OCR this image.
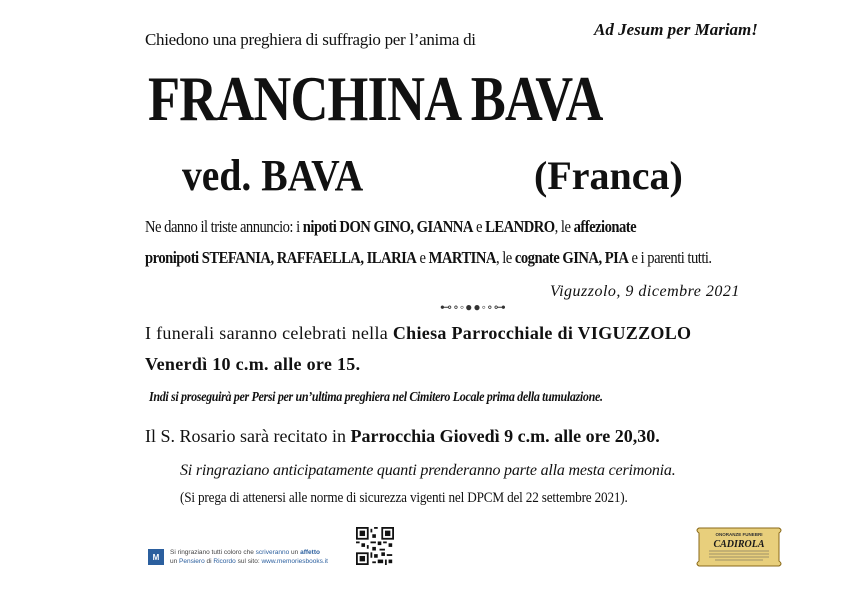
Chiedono una preghiera di suffragio per l’anima di
Ad Jesum per Mariam!
FRANCHINA BAVA
ved. BAVA	(Franca)
Ne danno il triste annuncio: i nipoti DON GINO, GIANNA e LEANDRO, le affezionate
pronipoti STEFANIA, RAFFAELLA, ILARIA e MARTINA, le cognate GINA, PIA e i parenti tutti.
Viguzzolo, 9 dicembre 2021
⊷∘◦●●◦∘⊶
I funerali saranno celebrati nella Chiesa Parrocchiale di VIGUZZOLO
Venerdì 10 c.m. alle ore 15.
Indi si proseguirà per Persi per un’ultima preghiera nel Cimitero Locale prima della tumulazione.
Il S. Rosario sarà recitato in Parrocchia Giovedì 9 c.m. alle ore 20,30.
Si ringraziano anticipatamente quanti prenderanno parte alla mesta cerimonia.
(Si prega di attenersi alle norme di sicurezza vigenti nel DPCM del 22 settembre 2021).
M	Si ringraziano tutti coloro che scriveranno un affetto
un Pensiero di Ricordo sul sito: www.memoriesbooks.it
ONORANZE FUNEBRI
CADIROLA
